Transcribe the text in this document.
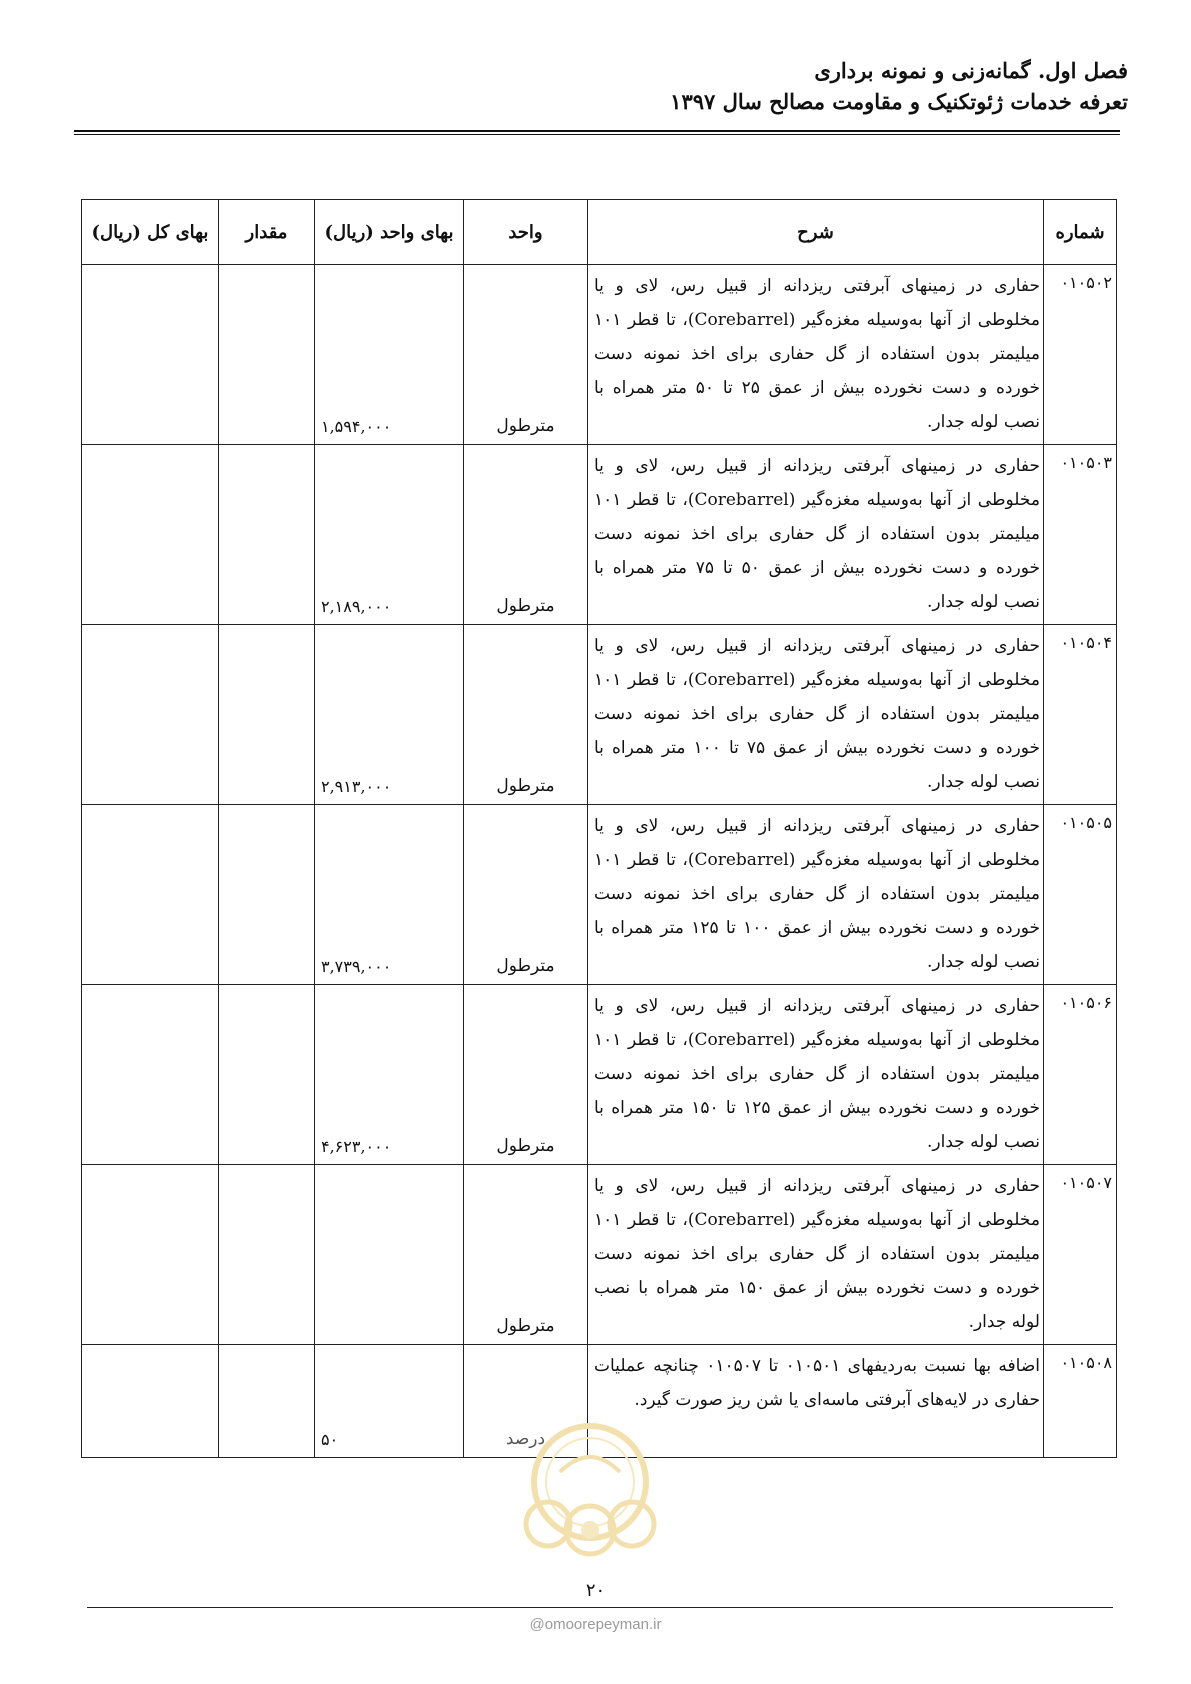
فصل اول. گمانه‌زنی و نمونه برداری
تعرفه خدمات ژئوتکنیک و مقاومت مصالح سال ۱۳۹۷
شماره	شرح	واحد	بهای واحد (ریال)	مقدار	بهای کل (ریال)
۰۱۰۵۰۲	حفاری در زمینهای آبرفتی ریزدانه از قبیل رس، لای و یا مخلوطی از آنها به‌وسیله مغزه‌گیر (Corebarrel)، تا قطر ۱۰۱ میلیمتر بدون استفاده از گل حفاری برای اخذ نمونه دست خورده و دست نخورده بیش از عمق ۲۵ تا ۵۰ متر همراه با نصب لوله جدار.	مترطول	۱,۵۹۴,۰۰۰		
۰۱۰۵۰۳	حفاری در زمینهای آبرفتی ریزدانه از قبیل رس، لای و یا مخلوطی از آنها به‌وسیله مغزه‌گیر (Corebarrel)، تا قطر ۱۰۱ میلیمتر بدون استفاده از گل حفاری برای اخذ نمونه دست خورده و دست نخورده بیش از عمق ۵۰ تا ۷۵ متر همراه با نصب لوله جدار.	مترطول	۲,۱۸۹,۰۰۰		
۰۱۰۵۰۴	حفاری در زمینهای آبرفتی ریزدانه از قبیل رس، لای و یا مخلوطی از آنها به‌وسیله مغزه‌گیر (Corebarrel)، تا قطر ۱۰۱ میلیمتر بدون استفاده از گل حفاری برای اخذ نمونه دست خورده و دست نخورده بیش از عمق ۷۵ تا ۱۰۰ متر همراه با نصب لوله جدار.	مترطول	۲,۹۱۳,۰۰۰		
۰۱۰۵۰۵	حفاری در زمینهای آبرفتی ریزدانه از قبیل رس، لای و یا مخلوطی از آنها به‌وسیله مغزه‌گیر (Corebarrel)، تا قطر ۱۰۱ میلیمتر بدون استفاده از گل حفاری برای اخذ نمونه دست خورده و دست نخورده بیش از عمق ۱۰۰ تا ۱۲۵ متر همراه با نصب لوله جدار.	مترطول	۳,۷۳۹,۰۰۰		
۰۱۰۵۰۶	حفاری در زمینهای آبرفتی ریزدانه از قبیل رس، لای و یا مخلوطی از آنها به‌وسیله مغزه‌گیر (Corebarrel)، تا قطر ۱۰۱ میلیمتر بدون استفاده از گل حفاری برای اخذ نمونه دست خورده و دست نخورده بیش از عمق ۱۲۵ تا ۱۵۰ متر همراه با نصب لوله جدار.	مترطول	۴,۶۲۳,۰۰۰		
۰۱۰۵۰۷	حفاری در زمینهای آبرفتی ریزدانه از قبیل رس، لای و یا مخلوطی از آنها به‌وسیله مغزه‌گیر (Corebarrel)، تا قطر ۱۰۱ میلیمتر بدون استفاده از گل حفاری برای اخذ نمونه دست خورده و دست نخورده بیش از عمق ۱۵۰ متر همراه با نصب لوله جدار.	مترطول			
۰۱۰۵۰۸	اضافه بها نسبت به‌ردیفهای ۰۱۰۵۰۱ تا ۰۱۰۵۰۷ چنانچه عملیات حفاری در لایه‌های آبرفتی ماسه‌ای یا شن ریز صورت گیرد.	درصد	۵۰		
۲۰
@omoorepeyman.ir
